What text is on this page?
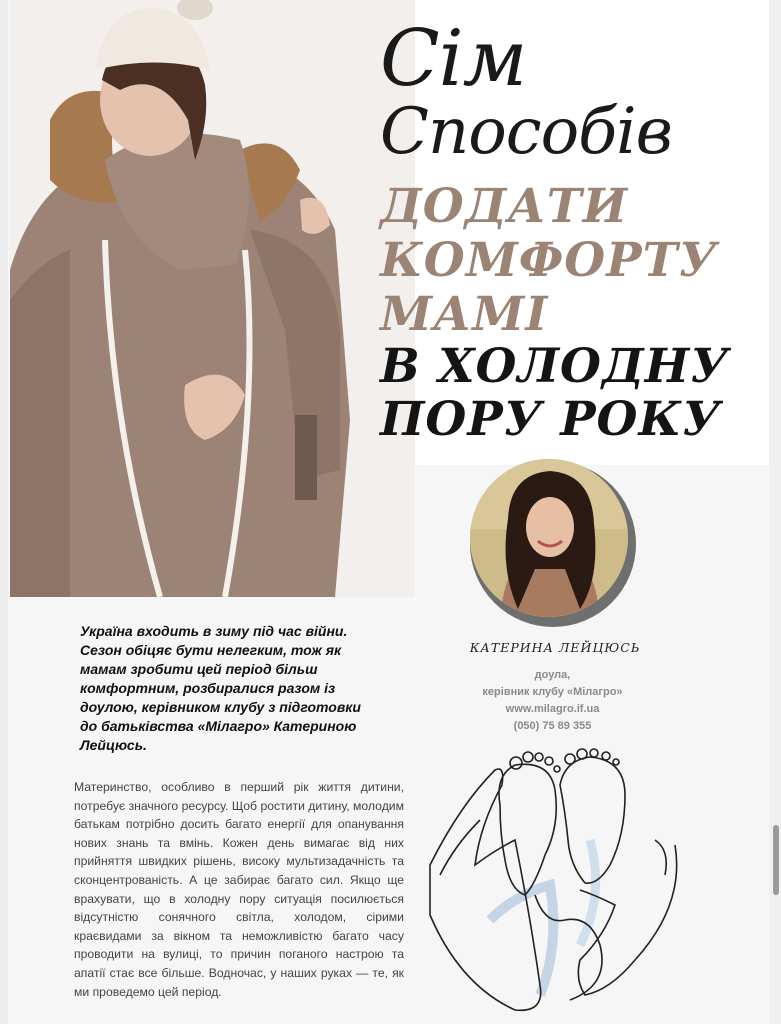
Сім
Способів
ДОДАТИ
КОМФОРТУ
МАМІ
В ХОЛОДНУ
ПОРУ РОКУ
КАТЕРИНА ЛЕЙЦЮСЬ
доула,
керівник клубу «Мілагро»
www.milagro.if.ua
(050) 75 89 355
Україна входить в зиму під час війни. Сезон обіцяє бути нелегким, тож як мамам зробити цей період більш комфортним, розбиралися разом із доулою, керівником клубу з підготовки до батьківства «Мілагро» Катериною Лейцюсь.
Материнство, особливо в перший рік життя дитини, потребує значного ресурсу. Щоб ростити дитину, молодим батькам потрібно досить багато енергії для опанування нових знань та вмінь. Кожен день вимагає від них прийняття швидких рішень, високу мультизадачність та сконцентрованість. А це забирає багато сил. Якщо ще врахувати, що в холодну пору ситуація посилюється відсутністю сонячного світла, холодом, сірими краєвидами за вікном та неможливістю багато часу проводити на вулиці, то причин поганого настрою та апатії стає все більше. Водночас, у наших руках — те, як ми проведемо цей період.
